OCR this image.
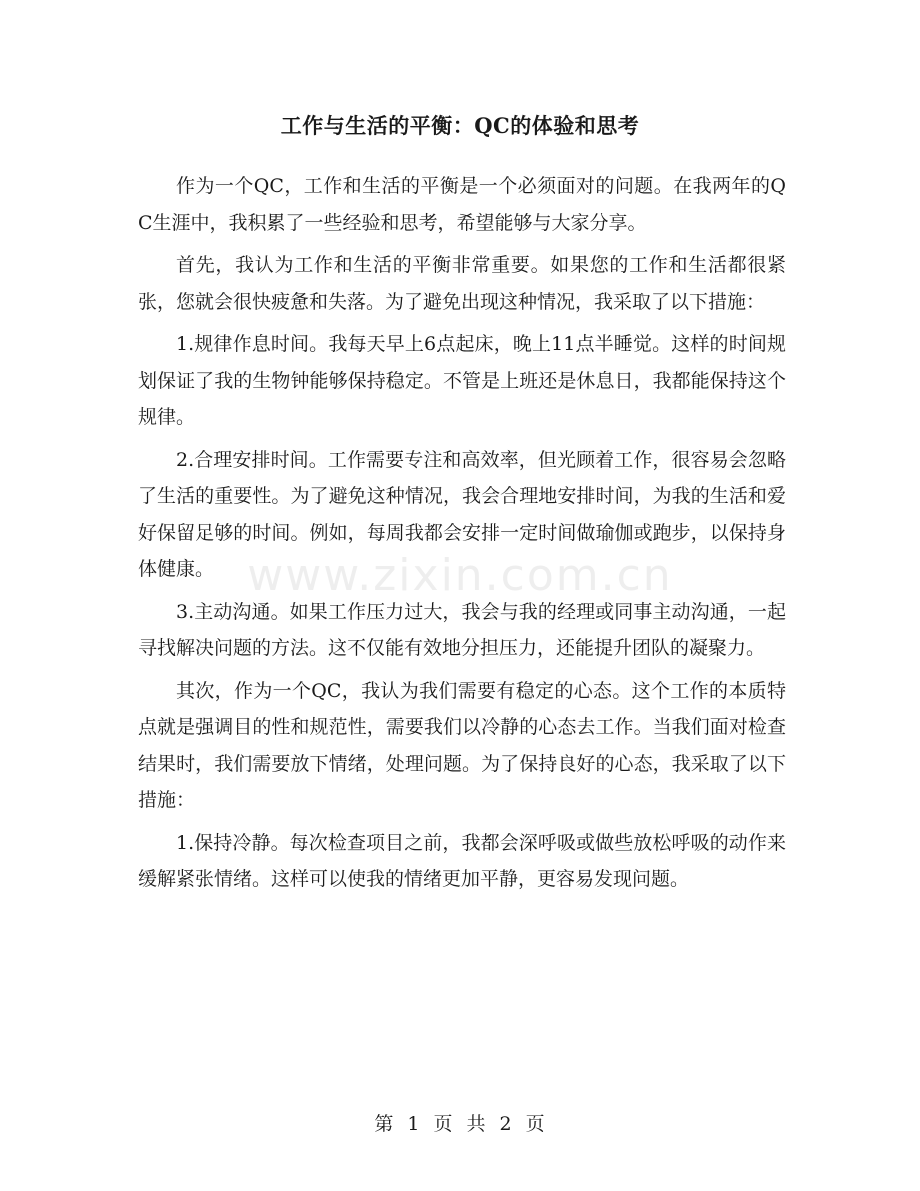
工作与生活的平衡：QC的体验和思考
www.zixin.com.cn

作为一个QC，工作和生活的平衡是一个必须面对的问题。在我两年的QC生涯中，我积累了一些经验和思考，希望能够与大家分享。

首先，我认为工作和生活的平衡非常重要。如果您的工作和生活都很紧张，您就会很快疲惫和失落。为了避免出现这种情况，我采取了以下措施：

1.规律作息时间。我每天早上6点起床，晚上11点半睡觉。这样的时间规划保证了我的生物钟能够保持稳定。不管是上班还是休息日，我都能保持这个规律。

2.合理安排时间。工作需要专注和高效率，但光顾着工作，很容易会忽略了生活的重要性。为了避免这种情况，我会合理地安排时间，为我的生活和爱好保留足够的时间。例如，每周我都会安排一定时间做瑜伽或跑步，以保持身体健康。

3.主动沟通。如果工作压力过大，我会与我的经理或同事主动沟通，一起寻找解决问题的方法。这不仅能有效地分担压力，还能提升团队的凝聚力。

其次，作为一个QC，我认为我们需要有稳定的心态。这个工作的本质特点就是强调目的性和规范性，需要我们以冷静的心态去工作。当我们面对检查结果时，我们需要放下情绪，处理问题。为了保持良好的心态，我采取了以下措施：

1.保持冷静。每次检查项目之前，我都会深呼吸或做些放松呼吸的动作来缓解紧张情绪。这样可以使我的情绪更加平静，更容易发现问题。

第 1 页 共 2 页
